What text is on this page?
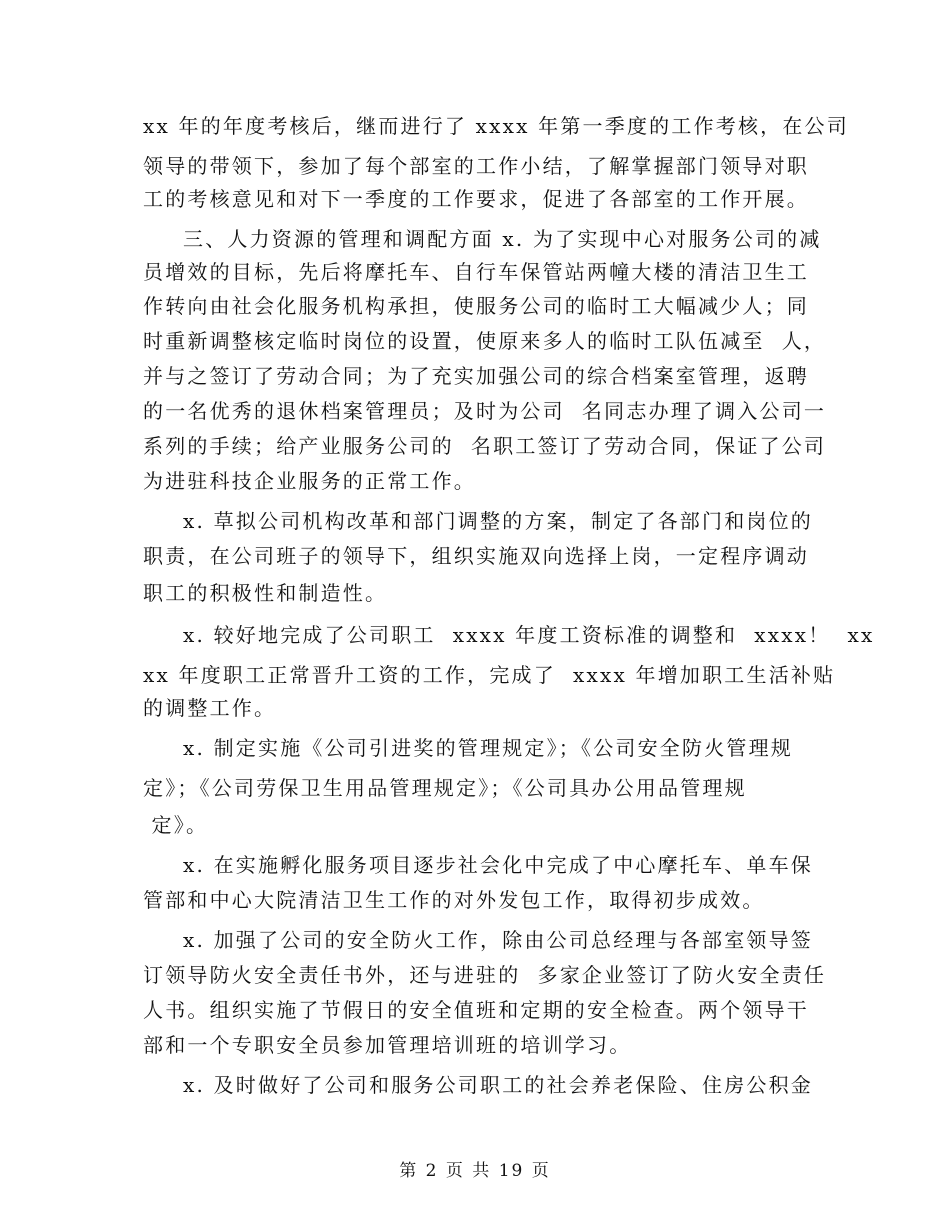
xx 年的年度考核后，继而进行了 xxxx 年第一季度的工作考核，在公司
领导的带领下，参加了每个部室的工作小结，了解掌握部门领导对职
工的考核意见和对下一季度的工作要求，促进了各部室的工作开展。
三、人力资源的管理和调配方面 x. 为了实现中心对服务公司的减
员增效的目标，先后将摩托车、自行车保管站两幢大楼的清洁卫生工
作转向由社会化服务机构承担，使服务公司的临时工大幅减少人；同
时重新调整核定临时岗位的设置，使原来多人的临时工队伍减至  人，
并与之签订了劳动合同；为了充实加强公司的综合档案室管理，返聘
的一名优秀的退休档案管理员；及时为公司  名同志办理了调入公司一
系列的手续；给产业服务公司的  名职工签订了劳动合同，保证了公司
为进驻科技企业服务的正常工作。
x. 草拟公司机构改革和部门调整的方案，制定了各部门和岗位的
职责，在公司班子的领导下，组织实施双向选择上岗，一定程序调动
职工的积极性和制造性。
x. 较好地完成了公司职工  xxxx 年度工资标准的调整和  xxxx！  xx
xx 年度职工正常晋升工资的工作，完成了  xxxx 年增加职工生活补贴
的调整工作。
x. 制定实施《公司引进奖的管理规定》；《公司安全防火管理规
定》；《公司劳保卫生用品管理规定》；《公司具办公用品管理规
定》。
x. 在实施孵化服务项目逐步社会化中完成了中心摩托车、单车保
管部和中心大院清洁卫生工作的对外发包工作，取得初步成效。
x. 加强了公司的安全防火工作，除由公司总经理与各部室领导签
订领导防火安全责任书外，还与进驻的  多家企业签订了防火安全责任
人书。组织实施了节假日的安全值班和定期的安全检查。两个领导干
部和一个专职安全员参加管理培训班的培训学习。
x. 及时做好了公司和服务公司职工的社会养老保险、住房公积金
第 2 页 共 19 页
